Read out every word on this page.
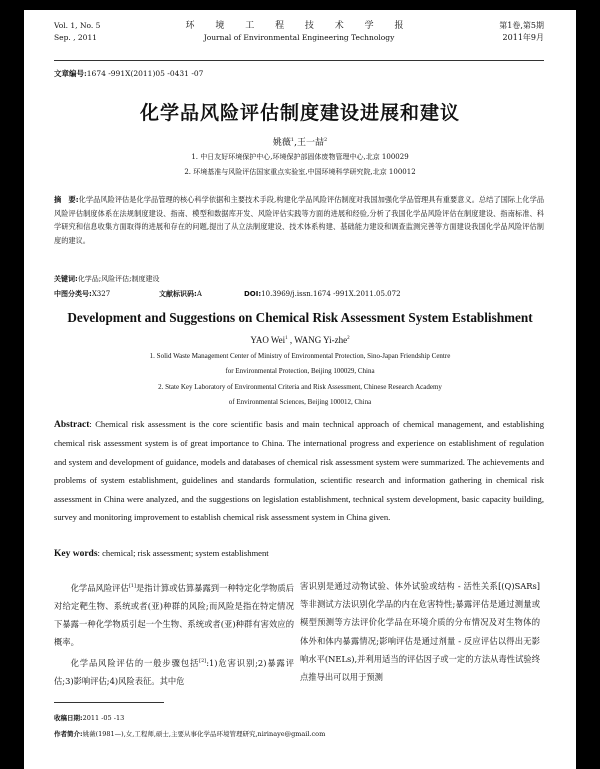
Vol. 1, No. 5
Sep. , 2011
环 境 工 程 技 术 学 报
Journal of Environmental Engineering Technology
第1卷,第5期
2011年9月
文章编号:1674 -991X(2011)05 -0431 -07
化学品风险评估制度建设进展和建议
姚薇$^1$,王一喆$^2$
1. 中日友好环境保护中心,环境保护部固体废物管理中心,北京 100029
2. 环境基准与风险评估国家重点实验室,中国环境科学研究院,北京 100012
摘　要:化学品风险评估是化学品管理的核心科学依据和主要技术手段,构建化学品风险评估制度对我国加强化学品管理具有重要意义。总结了国际上化学品风险评估制度体系在法规制度建设、指南、模型和数据库开发、风险评估实践等方面的进展和经验,分析了我国化学品风险评估在制度建设、指南标准、科学研究和信息收集方面取得的进展和存在的问题,提出了从立法制度建设、技术体系构建、基础能力建设和调查监测完善等方面建设我国化学品风险评估制度的建议。
关键词:化学品;风险评估;制度建设
中图分类号:X327	文献标识码:A	DOI:10.3969/j.issn.1674 -991X.2011.05.072
Development and Suggestions on Chemical Risk Assessment System Establishment
YAO Wei$^1$ , WANG Yi-zhe$^2$
1. Solid Waste Management Center of Ministry of Environmental Protection, Sino-Japan Friendship Centre
for Environmental Protection, Beijing 100029, China
2. State Key Laboratory of Environmental Criteria and Risk Assessment, Chinese Research Academy
of Environmental Sciences, Beijing 100012, China
Abstract: Chemical risk assessment is the core scientific basis and main technical approach of chemical management, and establishing chemical risk assessment system is of great importance to China. The international progress and experience on establishment of regulation and system and development of guidance, models and databases of chemical risk assessment system were summarized. The achievements and problems of system establishment, guidelines and standards formulation, scientific research and information gathering in chemical risk assessment in China were analyzed, and the suggestions on legislation establishment, technical system development, basic capacity building, survey and monitoring improvement to establish chemical risk assessment system in China given.
Key words: chemical; risk assessment; system establishment

化学品风险评估[1]是指计算或估算暴露到一种特定化学物质后对给定靶生物、系统或者(亚)种群的风险;而风险是指在特定情况下暴露一种化学物质引起一个生物、系统或者(亚)种群有害效应的概率。

化学品风险评估的一般步骤包括[2]:1)危害识别;2)暴露评估;3)影响评估;4)风险表征。其中危

害识别是通过动物试验、体外试验或结构 - 活性关系[(Q)SARs]等非测试方法识别化学品的内在危害特性;暴露评估是通过测量或模型预测等方法评价化学品在环境介质的分布情况及对生物体的体外和体内暴露情况;影响评估是通过剂量 - 反应评估以得出无影响水平(NELs),并利用适当的评估因子或一定的方法从毒性试验终点推导出可以用于预测

收稿日期:2011 -05 -13
作者简介:姚薇(1981—),女,工程师,硕士,主要从事化学品环境管理研究,nirinaye@gmail.com
